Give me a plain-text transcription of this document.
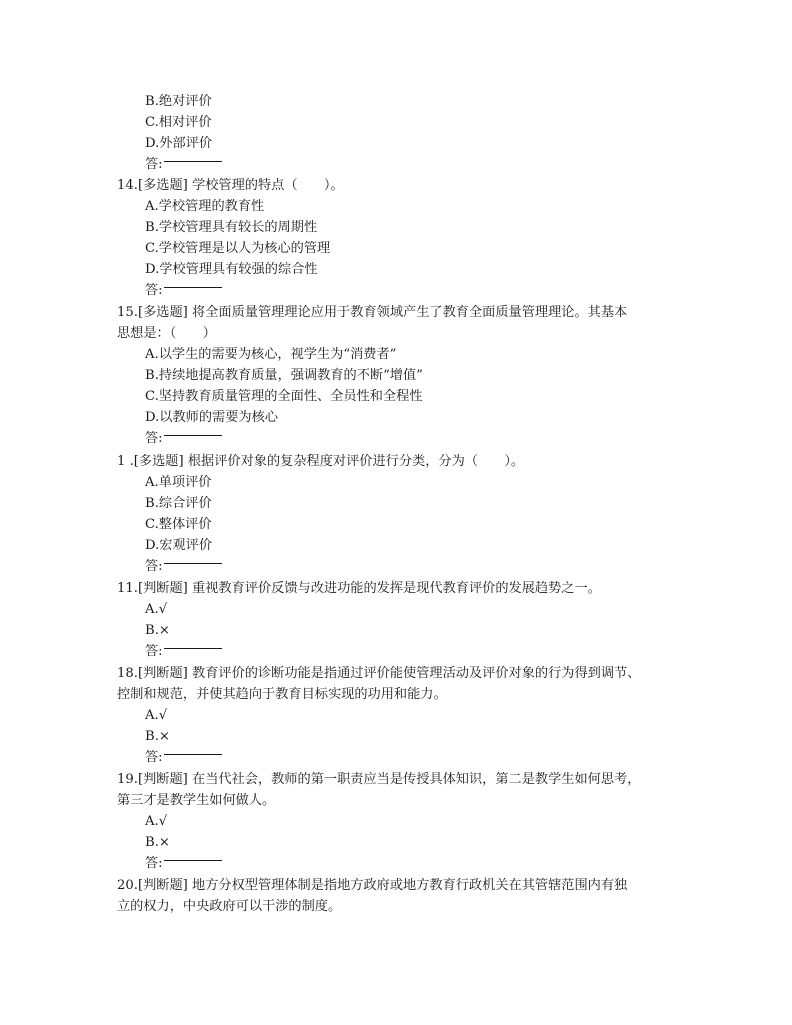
B.绝对评价
C.相对评价
D.外部评价
答:
14.[多选题] 学校管理的特点（　　）。
A.学校管理的教育性
B.学校管理具有较长的周期性
C.学校管理是以人为核心的管理
D.学校管理具有较强的综合性
答:
15.[多选题] 将全面质量管理理论应用于教育领域产生了教育全面质量管理理论。其基本
思想是：（　　）
A.以学生的需要为核心，视学生为“消费者”
B.持续地提高教育质量，强调教育的不断“增值”
C.坚持教育质量管理的全面性、全员性和全程性
D.以教师的需要为核心
答:
1 .[多选题] 根据评价对象的复杂程度对评价进行分类，分为（　　）。
A.单项评价
B.综合评价
C.整体评价
D.宏观评价
答:
11.[判断题] 重视教育评价反馈与改进功能的发挥是现代教育评价的发展趋势之一。
A.√
B.×
答:
18.[判断题] 教育评价的诊断功能是指通过评价能使管理活动及评价对象的行为得到调节、
控制和规范，并使其趋向于教育目标实现的功用和能力。
A.√
B.×
答:
19.[判断题] 在当代社会，教师的第一职责应当是传授具体知识，第二是教学生如何思考，
第三才是教学生如何做人。
A.√
B.×
答:
20.[判断题] 地方分权型管理体制是指地方政府或地方教育行政机关在其管辖范围内有独
立的权力，中央政府可以干涉的制度。
